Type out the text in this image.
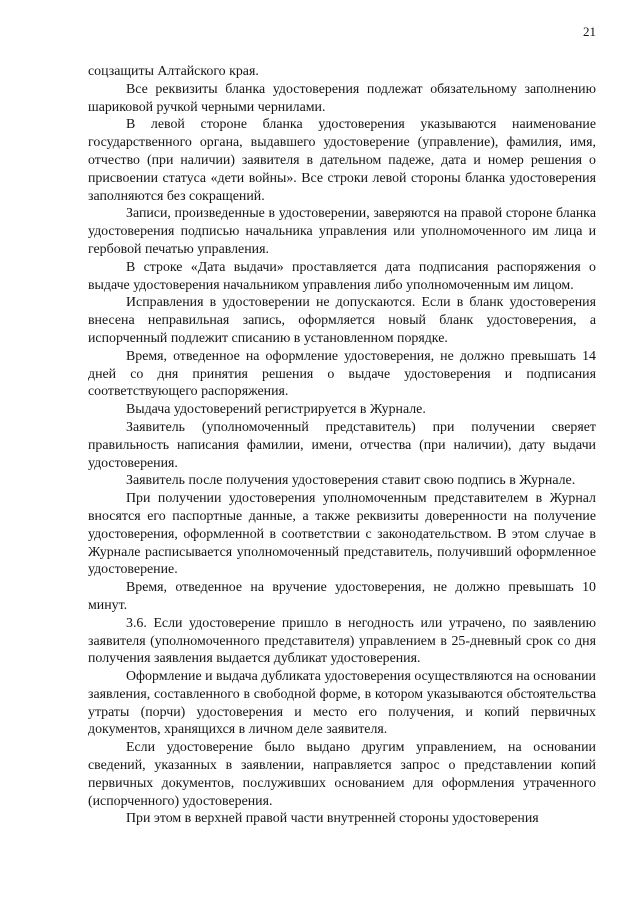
21

соцзащиты Алтайского края.

Все реквизиты бланка удостоверения подлежат обязательному заполнению шариковой ручкой черными чернилами.

В левой стороне бланка удостоверения указываются наименование государственного органа, выдавшего удостоверение (управление), фамилия, имя, отчество (при наличии) заявителя в дательном падеже, дата и номер решения о присвоении статуса «дети войны». Все строки левой стороны бланка удостоверения заполняются без сокращений.

Записи, произведенные в удостоверении, заверяются на правой стороне бланка удостоверения подписью начальника управления или уполномоченного им лица и гербовой печатью управления.

В строке «Дата выдачи» проставляется дата подписания распоряжения о выдаче удостоверения начальником управления либо уполномоченным им лицом.

Исправления в удостоверении не допускаются. Если в бланк удостоверения внесена неправильная запись, оформляется новый бланк удостоверения, а испорченный подлежит списанию в установленном порядке.

Время, отведенное на оформление удостоверения, не должно превышать 14 дней со дня принятия решения о выдаче удостоверения и подписания соответствующего распоряжения.

Выдача удостоверений регистрируется в Журнале.

Заявитель (уполномоченный представитель) при получении сверяет правильность написания фамилии, имени, отчества (при наличии), дату выдачи удостоверения.

Заявитель после получения удостоверения ставит свою подпись в Журнале.

При получении удостоверения уполномоченным представителем в Журнал вносятся его паспортные данные, а также реквизиты доверенности на получение удостоверения, оформленной в соответствии с законодательством. В этом случае в Журнале расписывается уполномоченный представитель, получивший оформленное удостоверение.

Время, отведенное на вручение удостоверения, не должно превышать 10 минут.

3.6. Если удостоверение пришло в негодность или утрачено, по заявлению заявителя (уполномоченного представителя) управлением в 25-дневный срок со дня получения заявления выдается дубликат удостоверения.

Оформление и выдача дубликата удостоверения осуществляются на основании заявления, составленного в свободной форме, в котором указываются обстоятельства утраты (порчи) удостоверения и место его получения, и копий первичных документов, хранящихся в личном деле заявителя.

Если удостоверение было выдано другим управлением, на основании сведений, указанных в заявлении, направляется запрос о представлении копий первичных документов, послуживших основанием для оформления утраченного (испорченного) удостоверения.

При этом в верхней правой части внутренней стороны удостоверения
